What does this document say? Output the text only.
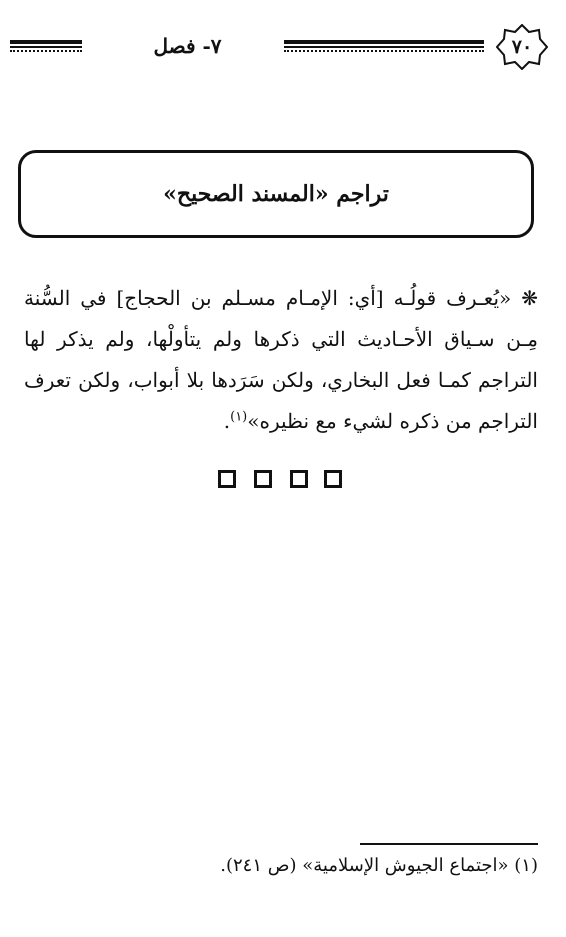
٧- فصل	٧٠
تراجم «المسند الصحيح»

❋ «يُعـرف قولُـه [أي: الإمـام مسـلم بن الحجاج] في السُّنة مِـن سـياق الأحـاديث التي ذكرها ولم يتأولْها، ولم يذكر لها التراجم كمـا فعل البخاري، ولكن سَرَدها بلا أبواب، ولكن تعرف التراجم من ذكره لشيء مع نظيره»$^{(١)}$.

(١) «اجتماع الجيوش الإسلامية» (ص ٢٤١).
